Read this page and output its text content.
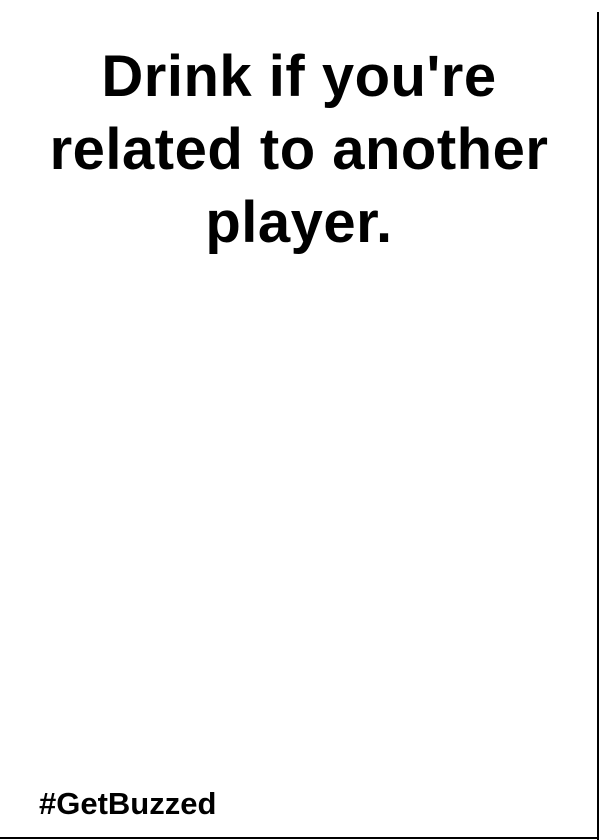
Drink if you're
related to another
player.
#GetBuzzed
